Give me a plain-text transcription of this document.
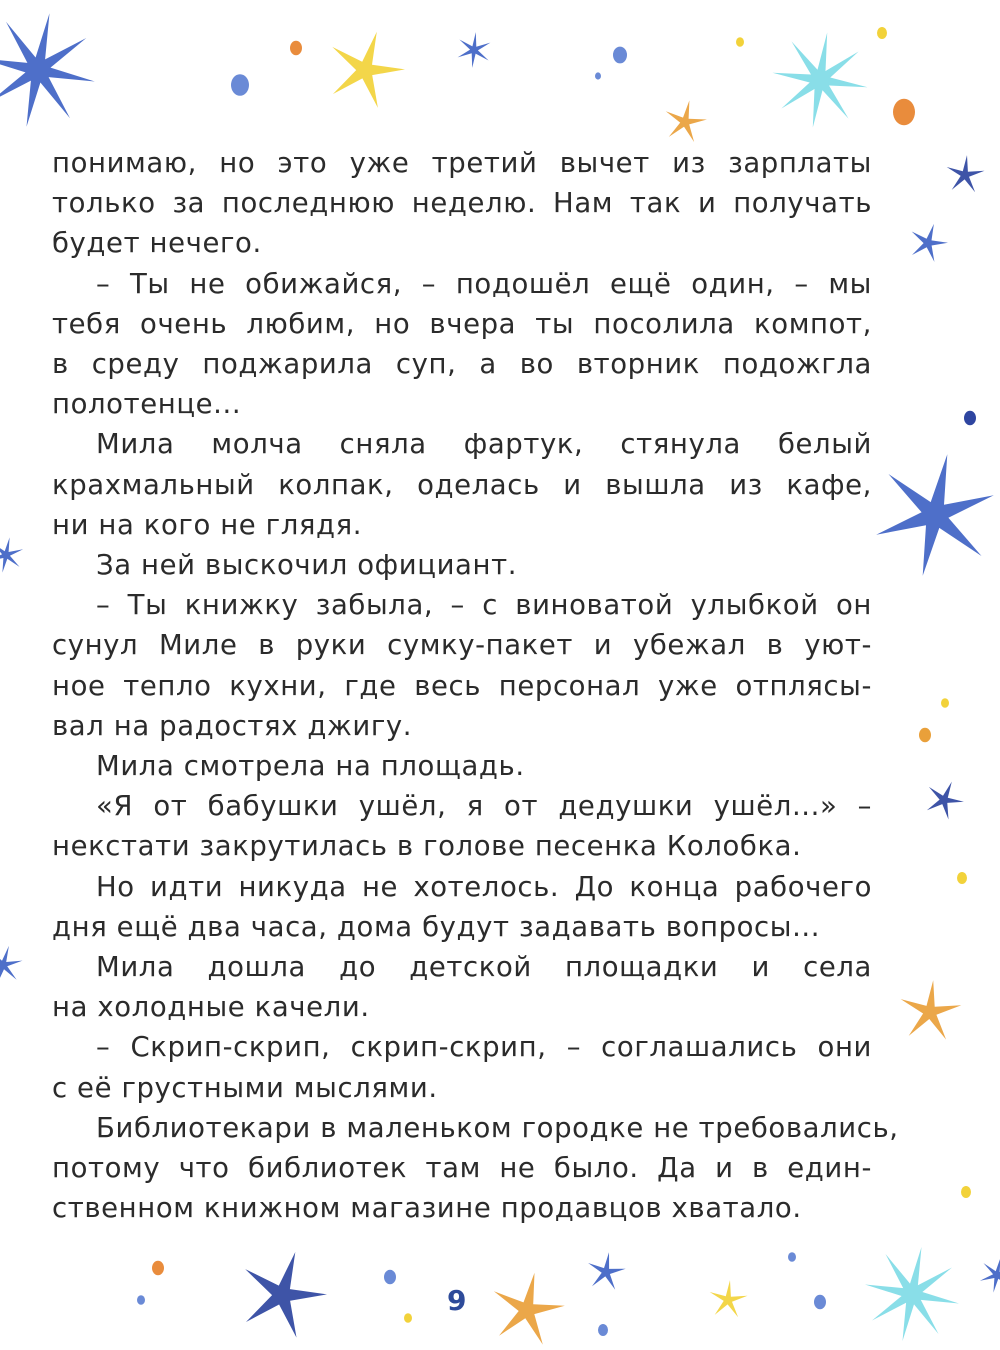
понимаю, но это уже третий вычет из зарплаты
только за последнюю неделю. Нам так и получать
будет нечего.
– Ты не обижайся, – подошёл ещё один, – мы
тебя очень любим, но вчера ты посолила компот,
в среду поджарила суп, а во вторник подожгла
полотенце...
Мила молча сняла фартук, стянула белый
крахмальный колпак, оделась и вышла из кафе,
ни на кого не глядя.
За ней выскочил официант.
– Ты книжку забыла, – с виноватой улыбкой он
сунул Миле в руки сумку-пакет и убежал в уют-
ное тепло кухни, где весь персонал уже отплясы-
вал на радостях джигу.
Мила смотрела на площадь.
«Я от бабушки ушёл, я от дедушки ушёл...» –
некстати закрутилась в голове песенка Колобка.
Но идти никуда не хотелось. До конца рабочего
дня ещё два часа, дома будут задавать вопросы...
Мила дошла до детской площадки и села
на холодные качели.
– Скрип-скрип, скрип-скрип, – соглашались они
с её грустными мыслями.
Библиотекари в маленьком городке не требовались,
потому что библиотек там не было. Да и в един-
ственном книжном магазине продавцов хватало.
9
